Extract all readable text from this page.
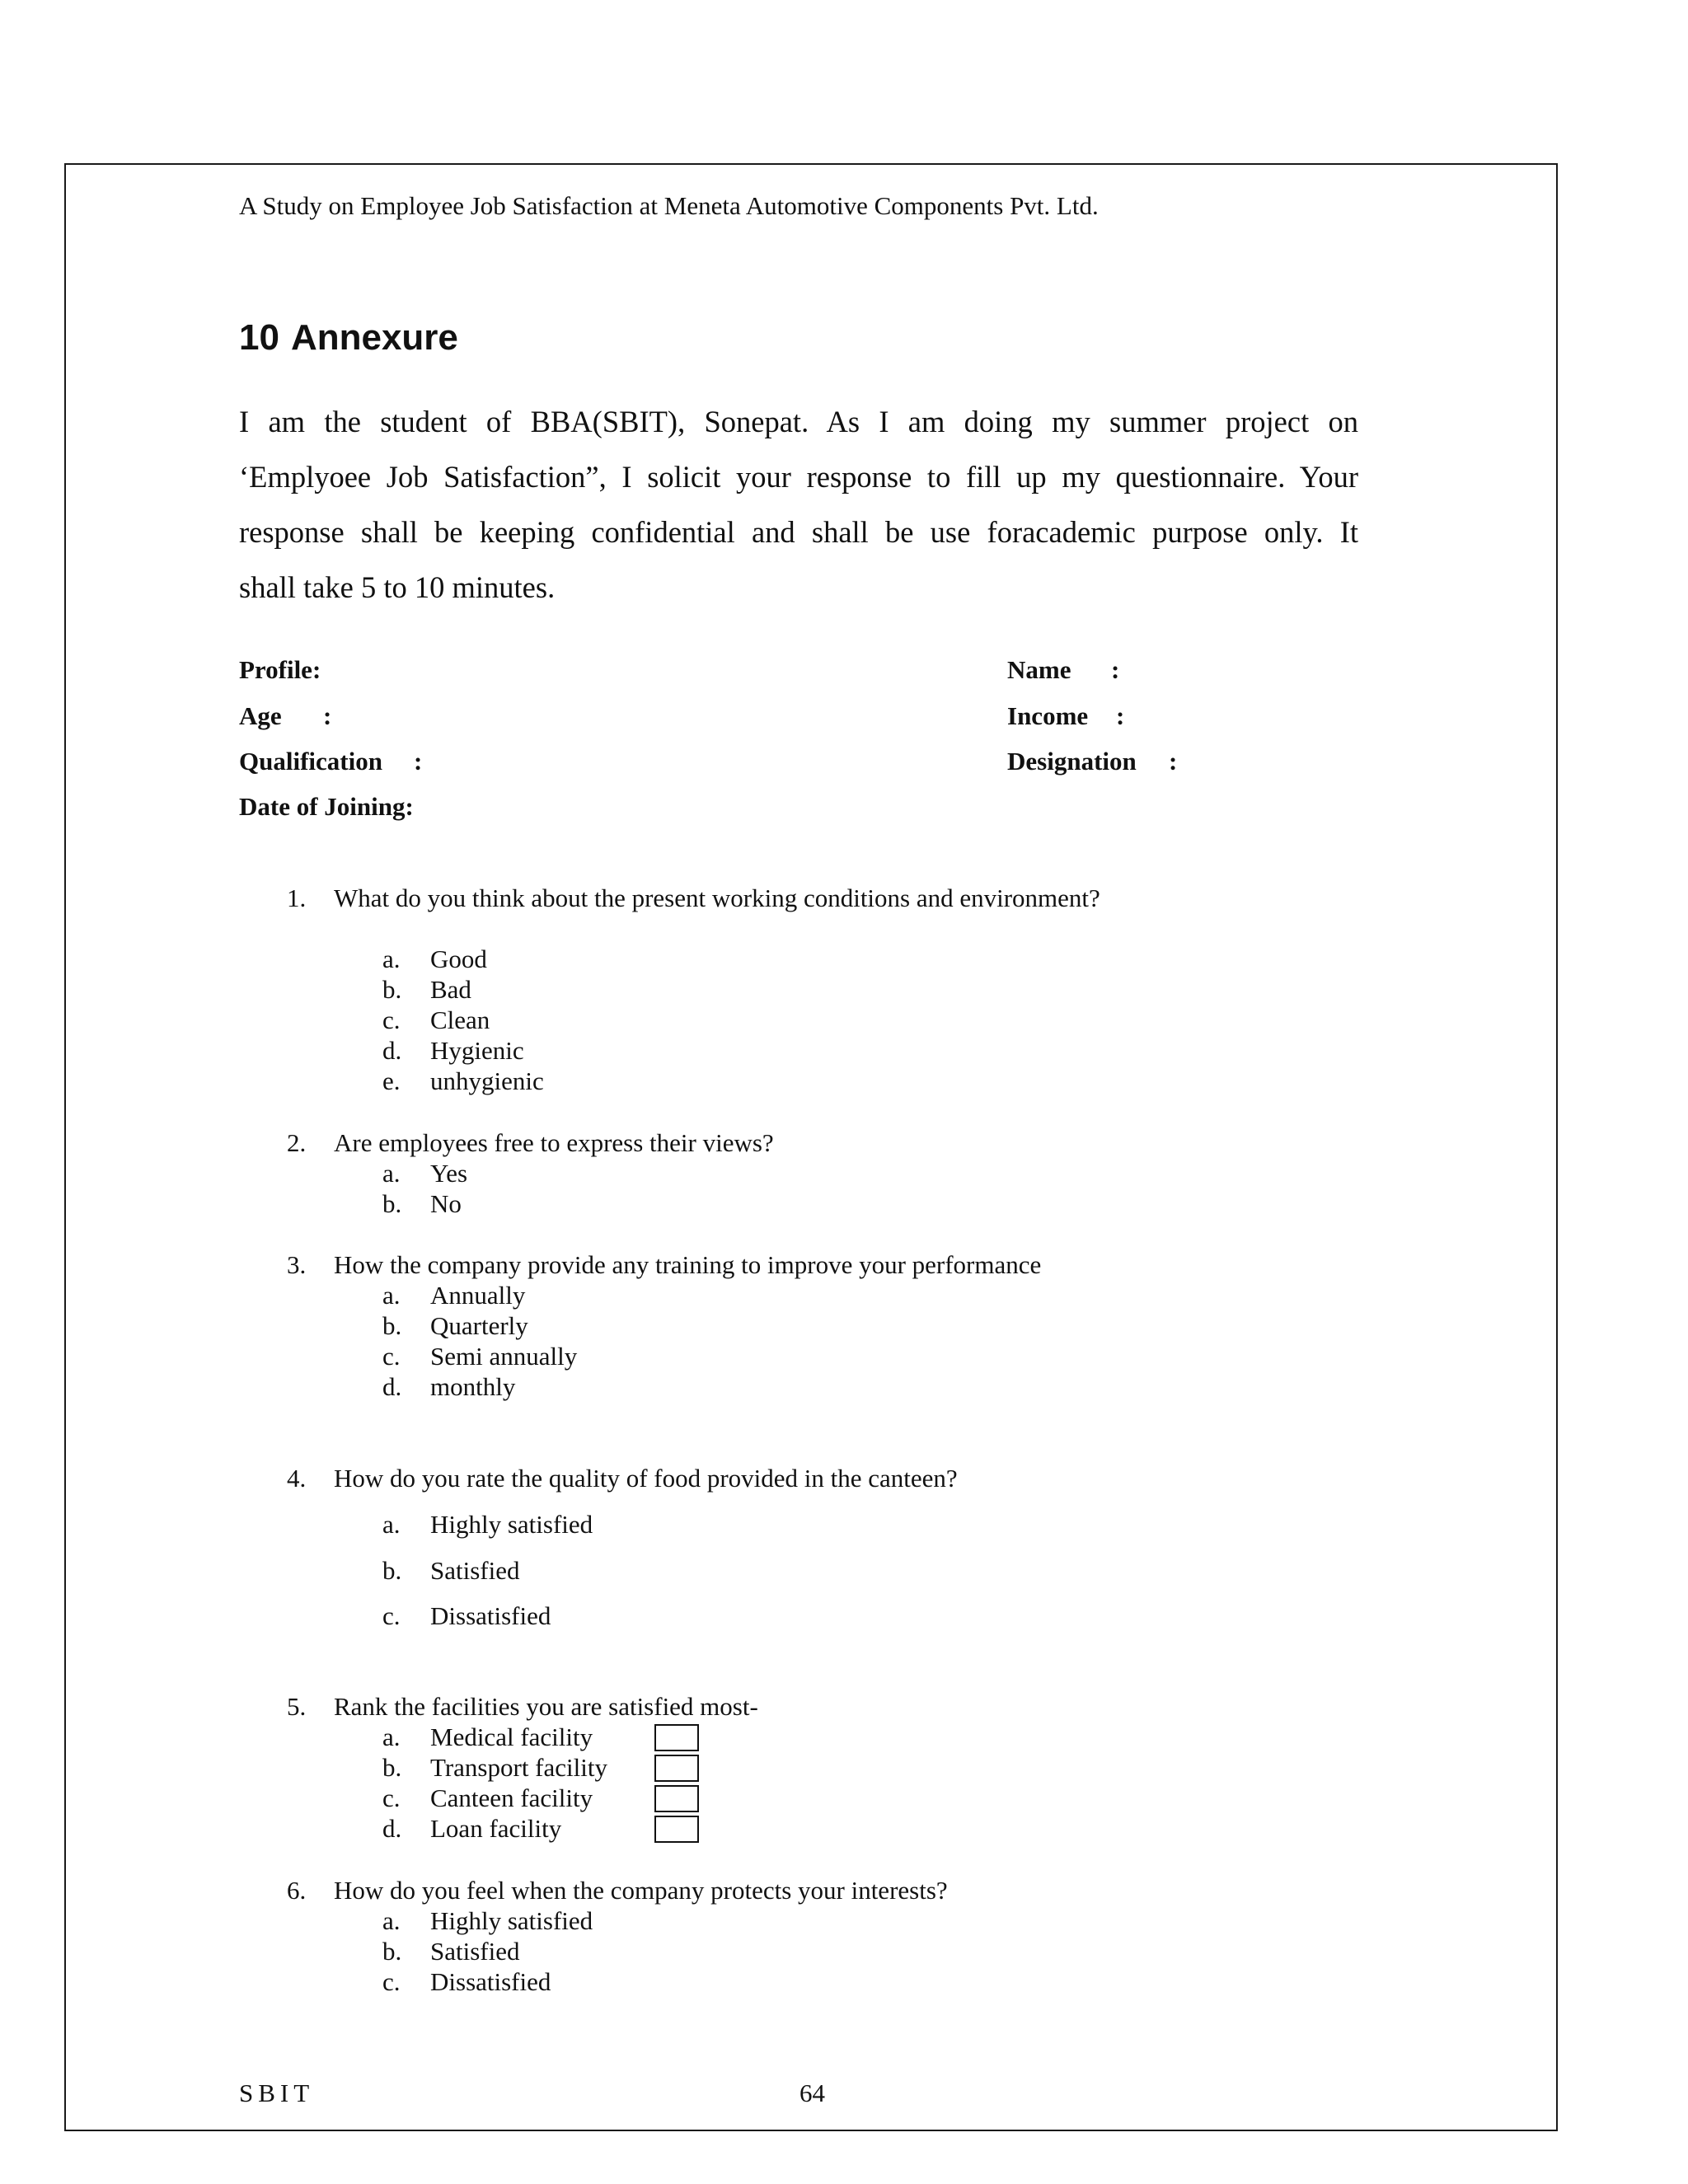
A Study on Employee Job Satisfaction at Meneta Automotive Components Pvt. Ltd.
10 Annexure
I am the student of BBA(SBIT), Sonepat. As I am doing my summer project on
‘Emplyoee Job Satisfaction”, I solicit your response to fill up my questionnaire. Your
response shall be keeping confidential and shall be use foracademic purpose only. It
shall take 5 to 10 minutes.
Profile:	Name :
Age :	Income :
Qualification :	Designation :
Date of Joining:
1. What do you think about the present working conditions and environment?
a. Good
b. Bad
c. Clean
d. Hygienic
e. unhygienic
2. Are employees free to express their views?
a. Yes
b. No
3. How the company provide any training to improve your performance
a. Annually
b. Quarterly
c. Semi annually
d. monthly
4. How do you rate the quality of food provided in the canteen?
a. Highly satisfied
b. Satisfied
c. Dissatisfied
5. Rank the facilities you are satisfied most-
a. Medical facility
b. Transport facility
c. Canteen facility
d. Loan facility
6. How do you feel when the company protects your interests?
a. Highly satisfied
b. Satisfied
c. Dissatisfied
SBIT	64
